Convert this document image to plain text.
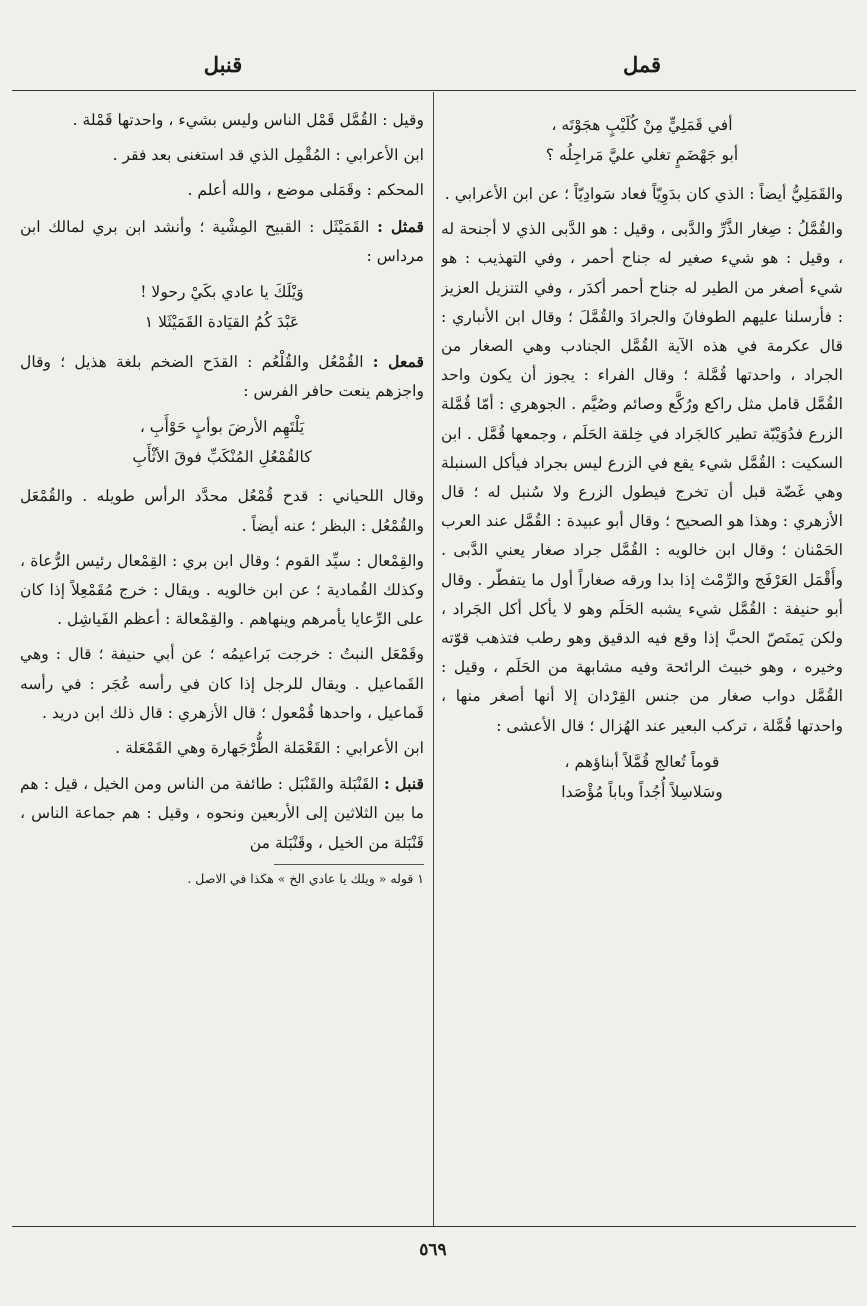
قمل
قنبل
أفي قَمَلِيٍّ مِنْ كُلَيْبٍ هجَوْتَه ،
أبو جَهْضَمٍ تغلي عليَّ مَراجِلُه ؟

والقَمَلِيُّ أيضاً : الذي كان بدَوِيّاً فعاد سَوادِيّاً ؛ عن ابن الأعرابي .

والقُمَّلُ : صِغار الذَّرِّ والدَّبى ، وقيل : هو الدَّبى الذي لا أجنحة له ، وقيل : هو شيء صغير له جناح أحمر ، وفي التهذيب : هو شيء أصغر من الطير له جناح أحمر أكدَر ، وفي التنزيل العزيز : فأرسلنا عليهم الطوفانَ والجرادَ والقُمَّلَ ؛ وقال ابن الأنباري : قال عكرمة في هذه الآية القُمَّل الجنادب وهي الصغار من الجراد ، واحدتها قُمَّلة ؛ وقال الفراء : يجوز أن يكون واحد القُمَّل قامل مثل راكع ورُكَّع وصائم وصُيَّم . الجوهري : أمّا قُمَّلة الزرع فدُوَيْبّة تطير كالجَراد في خِلقة الحَلَم ، وجمعها قُمَّل . ابن السكيت : القُمَّل شيء يقع في الزرع ليس بجراد فيأكل السنبلة وهي غَضّة قبل أن تخرج فيطول الزرع ولا سُنبل له ؛ قال الأزهري : وهذا هو الصحيح ؛ وقال أبو عبيدة : القُمَّل عند العرب الحَمْنان ؛ وقال ابن خالويه : القُمَّل جراد صغار يعني الدَّبى . وأَقْمَل العَرْفَج والرِّمْث إذا بدا ورقه صغاراً أول ما يتفطّر . وقال أبو حنيفة : القُمَّل شيء يشبه الحَلَم وهو لا يأكل أكل الجَراد ، ولكن يَمتَصّ الحبَّ إذا وقع فيه الدقيق وهو رطب فتذهب قوّته وخيره ، وهو خبيث الرائحة وفيه مشابهة من الحَلَم ، وقيل : القُمَّل دواب صغار من جنس القِرْدان إلا أنها أصغر منها ، واحدتها قُمَّلة ، تركب البعير عند الهُزال ؛ قال الأعشى :

قوماً تُعالج قُمَّلاً أبناؤهم ،
وسَلاسِلاً أُجُداً وباباً مُؤْصَدا

وقيل : القُمَّل قَمْل الناس وليس بشيء ، واحدتها قَمْلة .

ابن الأعرابي : المُقْمِل الذي قد استغنى بعد فقر .

المحكم : وقَمَلى موضع ، والله أعلم .

قمثل : القَمَيْثَل : القبيح المِشْية ؛ وأنشد ابن بري لمالك ابن مرداس :

وَيْلَكَ يا عادي بكَيْ رحولا !
عَبْدَ كُمُ القيَادة القَمَيْثَلا ١

قمعل : القُمْعُل والقُلْعُم : القدَح الضخم بلغة هذيل ؛ وقال واجزهم ينعت حافر الفرس :

يَلْتَهِم الأرضَ بوأبٍ حَوْأَبِ ،
كالقُمْعُلِ المُنْكَبِّ فوقَ الأثْأَبِ

وقال اللحياني : قدح قُمْعُل محدَّد الرأس طويله . والقُمْعَل والقُمْعُل : البظر ؛ عنه أيضاً .

والقِمْعال : سيِّد القوم ؛ وقال ابن بري : القِمْعال رئيس الرُّعاة ، وكذلك القُمادية ؛ عن ابن خالويه . ويقال : خرج مُقَمْعِلاً إذا كان على الرِّعايا يأمرهم وينهاهم . والقِمْعالة : أعظم الفَياشِل .

وقَمْعَل النبتُ : خرجت بَراعيمُه ؛ عن أبي حنيفة ؛ قال : وهي القَماعيل . ويقال للرجل إذا كان في رأسه عُجَر : في رأسه قَماعيل ، واحدها قُمْعول ؛ قال الأزهري : قال ذلك ابن دريد .

ابن الأعرابي : القَعْمَلة الطُّرْجَهارة وهي القَمْعَلة .

قنبل : القَنْبَلة والقَنْبَل : طائفة من الناس ومن الخيل ، قيل : هم ما بين الثلاثين إلى الأربعين ونحوه ، وقيل : هم جماعة الناس ، قَنْبَلة من الخيل ، وقَنْبَلة من

١ قوله « ويلك يا عادي الخ » هكذا في الاصل .
٥٦٩
